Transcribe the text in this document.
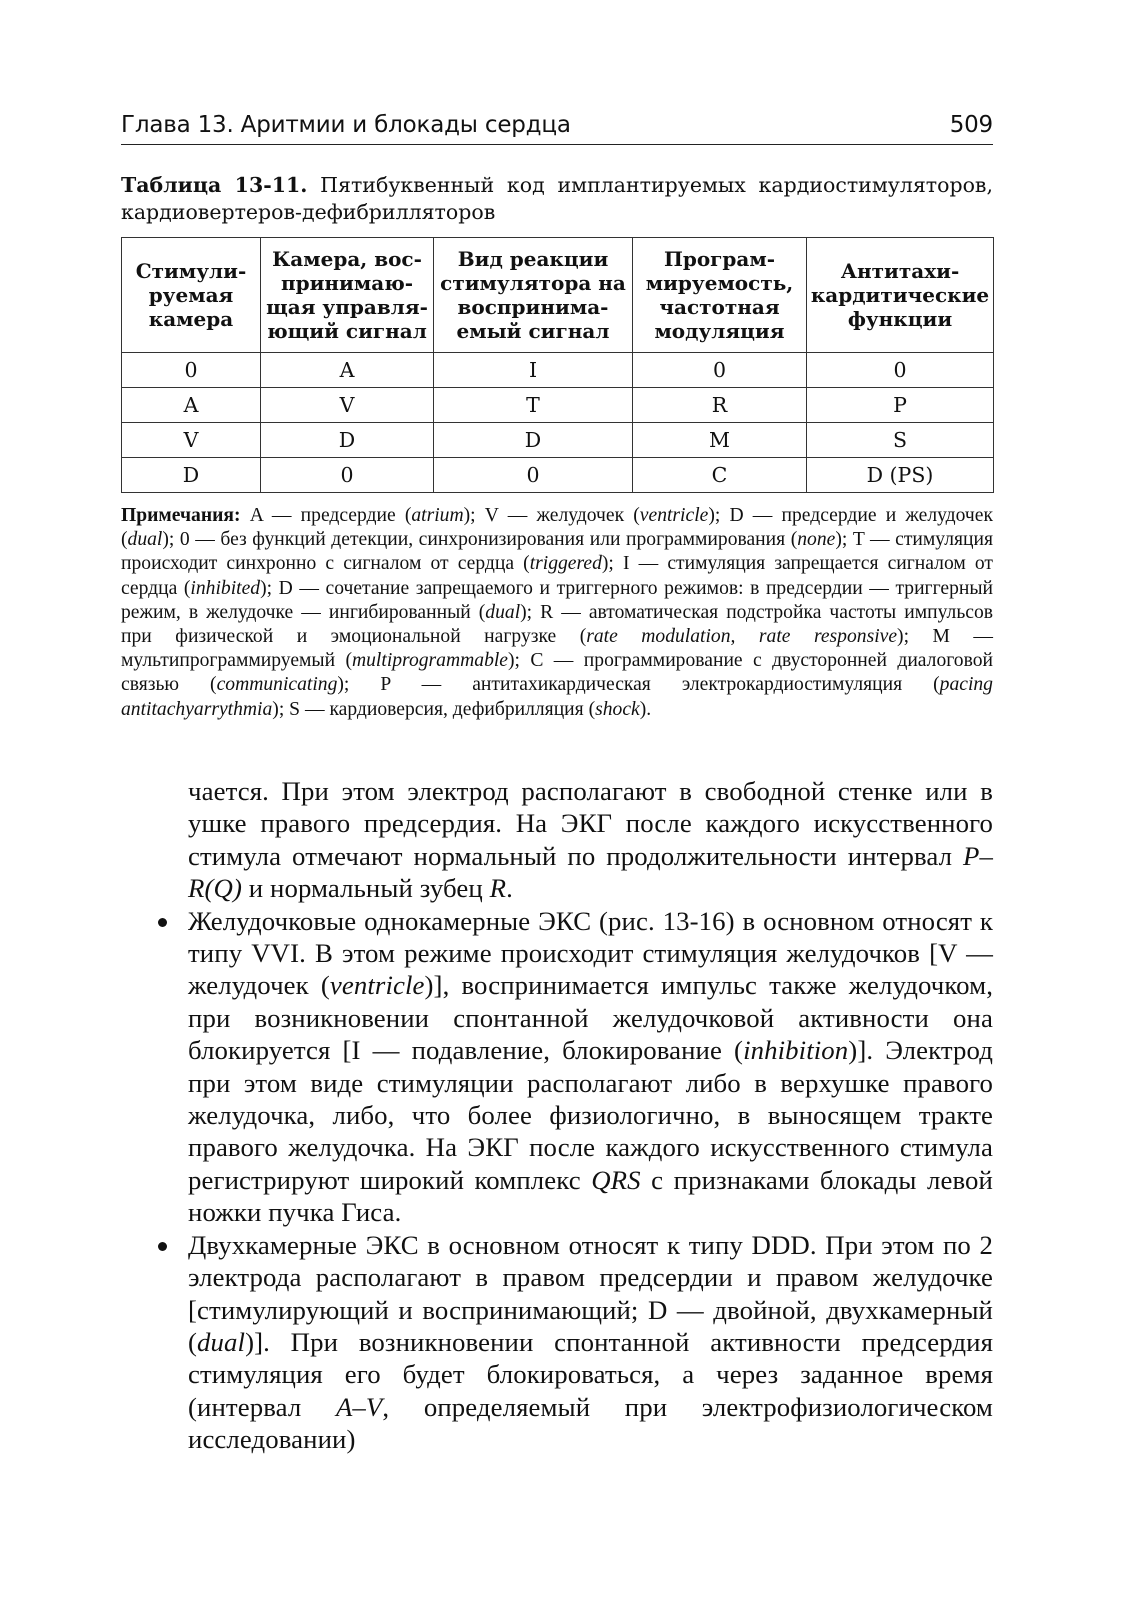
Глава 13. Аритмии и блокады сердца	509
Таблица 13-11. Пятибуквенный код имплантируемых кардиостимуляторов, кардиовертеров-дефибрилляторов
Стимули-руемая камера	Камера, вос-принимаю-щая управля-ющий сигнал	Вид реакции стимулятора на воспринима-емый сигнал	Програм-мируемость, частотная модуляция	Антитахи-кардитические функции
0	A	I	0	0
A	V	T	R	P
V	D	D	M	S
D	0	0	C	D (PS)
Примечания: A — предсердие (atrium); V — желудочек (ventricle); D — предсердие и желудочек (dual); 0 — без функций детекции, синхронизирования или программирования (none); T — стимуляция происходит синхронно с сигналом от сердца (triggered); I — стимуляция запрещается сигналом от сердца (inhibited); D — сочетание запрещаемого и триггерного режимов: в предсердии — триггерный режим, в желудочке — ингибированный (dual); R — автоматическая подстройка частоты импульсов при физической и эмоциональной нагрузке (rate modulation, rate responsive); M — мультипрограммируемый (multiprogrammable); C — программирование с двусторонней диалоговой связью (communicating); P — антитахикардическая электрокардиостимуляция (pacing antitachyarrythmia); S — кардиоверсия, дефибрилляция (shock).

чается. При этом электрод располагают в свободной стенке или в ушке правого предсердия. На ЭКГ после каждого искусственного стимула отмечают нормальный по продолжительности интервал P–R(Q) и нормальный зубец R.

Желудочковые однокамерные ЭКС (рис. 13-16) в основном относят к типу VVI. В этом режиме происходит стимуляция желудочков [V — желудочек (ventricle)], воспринимается импульс также желудочком, при возникновении спонтанной желудочковой активности она блокируется [I — подавление, блокирование (inhibition)]. Электрод при этом виде стимуляции располагают либо в верхушке правого желудочка, либо, что более физиологично, в выносящем тракте правого желудочка. На ЭКГ после каждого искусственного стимула регистрируют широкий комплекс QRS с признаками блокады левой ножки пучка Гиса.

Двухкамерные ЭКС в основном относят к типу DDD. При этом по 2 электрода располагают в правом предсердии и правом желудочке [стимулирующий и воспринимающий; D — двойной, двухкамерный (dual)]. При возникновении спонтанной активности предсердия стимуляция его будет блокироваться, а через заданное время (интервал A–V, определяемый при электрофизиологическом исследовании)
